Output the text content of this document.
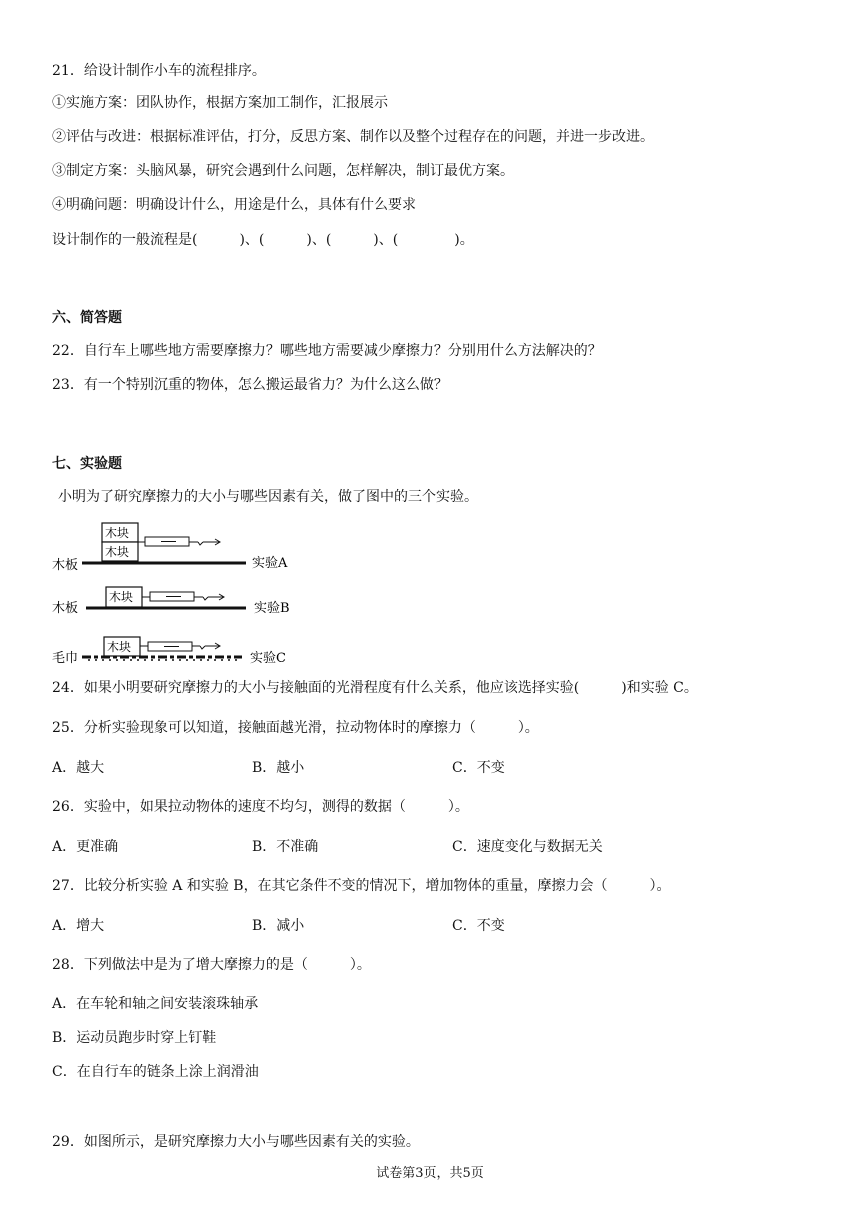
21．给设计制作小车的流程排序。
①实施方案：团队协作，根据方案加工制作，汇报展示
②评估与改进：根据标准评估，打分，反思方案、制作以及整个过程存在的问题，并进一步改进。
③制定方案：头脑风暴，研究会遇到什么问题，怎样解决，制订最优方案。
④明确问题：明确设计什么，用途是什么，具体有什么要求
设计制作的一般流程是(　　　)、(　　　)、(　　　)、(　　　　)。
六、简答题
22．自行车上哪些地方需要摩擦力？哪些地方需要减少摩擦力？分别用什么方法解决的？
23．有一个特别沉重的物体，怎么搬运最省力？为什么这么做？
七、实验题
小明为了研究摩擦力的大小与哪些因素有关，做了图中的三个实验。
木板
木块
木块
实验A
木板
木块
实验B
毛巾
木块
实验C
24．如果小明要研究摩擦力的大小与接触面的光滑程度有什么关系，他应该选择实验(　　　)和实验 C。
25．分析实验现象可以知道，接触面越光滑，拉动物体时的摩擦力（　　　）。
A．越大	B．越小	C．不变
26．实验中，如果拉动物体的速度不均匀，测得的数据（　　　）。
A．更准确	B．不准确	C．速度变化与数据无关
27．比较分析实验 A 和实验 B，在其它条件不变的情况下，增加物体的重量，摩擦力会（　　　）。
A．增大	B．减小	C．不变
28．下列做法中是为了增大摩擦力的是（　　　）。
A．在车轮和轴之间安装滚珠轴承
B．运动员跑步时穿上钉鞋
C．在自行车的链条上涂上润滑油
29．如图所示，是研究摩擦力大小与哪些因素有关的实验。
试卷第3页，共5页
